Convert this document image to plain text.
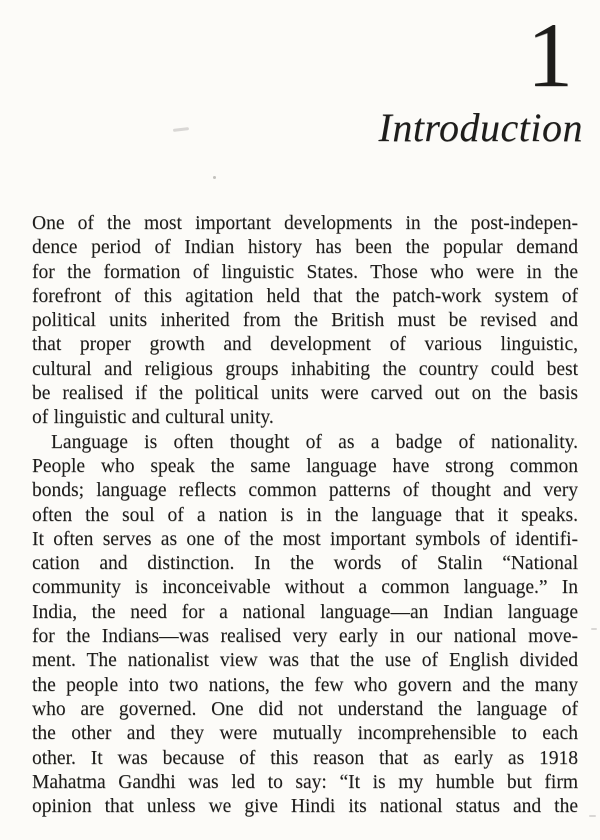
1
Introduction
One of the most important developments in the post-indepen-
dence period of Indian history has been the popular demand
for the formation of linguistic States. Those who were in the
forefront of this agitation held that the patch-work system of
political units inherited from the British must be revised and
that proper growth and development of various linguistic,
cultural and religious groups inhabiting the country could best
be realised if the political units were carved out on the basis
of linguistic and cultural unity.
Language is often thought of as a badge of nationality.
People who speak the same language have strong common
bonds; language reflects common patterns of thought and very
often the soul of a nation is in the language that it speaks.
It often serves as one of the most important symbols of identifi-
cation and distinction. In the words of Stalin “National
community is inconceivable without a common language.” In
India, the need for a national language—an Indian language
for the Indians—was realised very early in our national move-
ment. The nationalist view was that the use of English divided
the people into two nations, the few who govern and the many
who are governed. One did not understand the language of
the other and they were mutually incomprehensible to each
other. It was because of this reason that as early as 1918
Mahatma Gandhi was led to say: “It is my humble but firm
opinion that unless we give Hindi its national status and the
